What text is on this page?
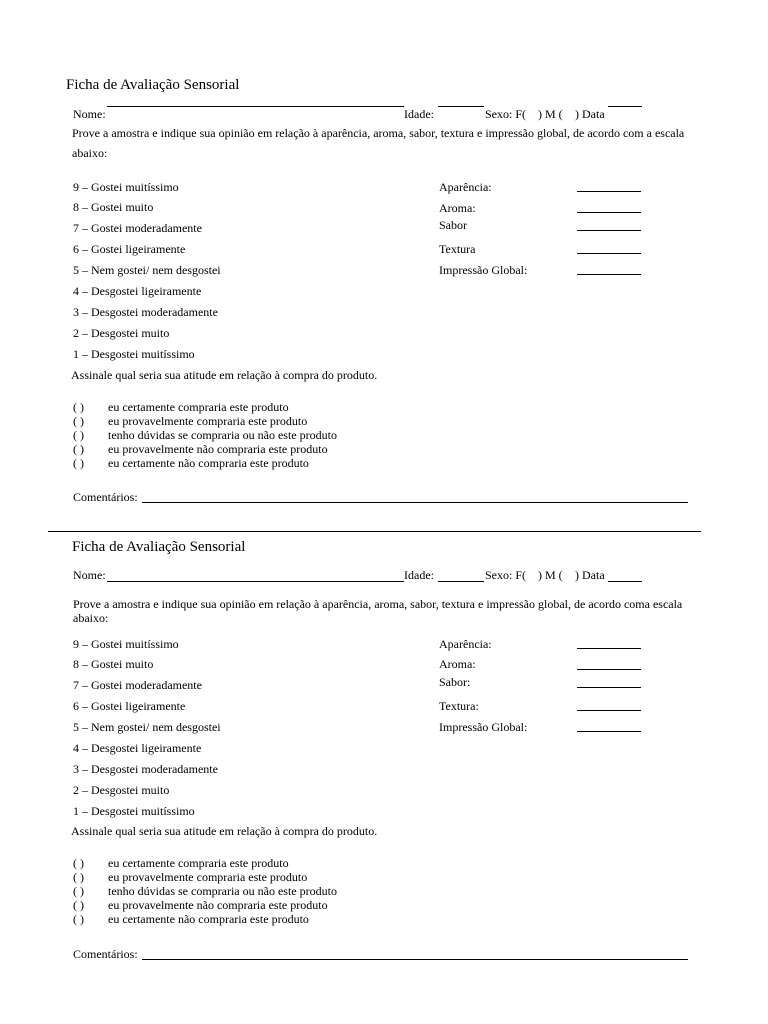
Ficha de Avaliação Sensorial
Nome:	Idade:	Sexo: F( ) M ( ) Data
Prove a amostra e indique sua opinião em relação à aparência, aroma, sabor, textura e impressão global, de acordo com a escala abaixo:
9 – Gostei muitíssimo
8 – Gostei muito
7 – Gostei moderadamente
6 – Gostei ligeiramente
5 – Nem gostei/ nem desgostei
4 – Desgostei ligeiramente
3 – Desgostei moderadamente
2 – Desgostei muito
1 – Desgostei muitíssimo
Aparência:
Aroma:
Sabor
Textura
Impressão Global:
Assinale qual seria sua atitude em relação à compra do produto.
( ) eu certamente compraria este produto
( ) eu provavelmente compraria este produto
( ) tenho dúvidas se compraria ou não este produto
( ) eu provavelmente não compraria este produto
( ) eu certamente não compraria este produto
Comentários:
Ficha de Avaliação Sensorial
Nome:	Idade:	Sexo: F( ) M ( ) Data
Prove a amostra e indique sua opinião em relação à aparência, aroma, sabor, textura e impressão global, de acordo coma escala abaixo:
9 – Gostei muitíssimo
8 – Gostei muito
7 – Gostei moderadamente
6 – Gostei ligeiramente
5 – Nem gostei/ nem desgostei
4 – Desgostei ligeiramente
3 – Desgostei moderadamente
2 – Desgostei muito
1 – Desgostei muitíssimo
Aparência:
Aroma:
Sabor:
Textura:
Impressão Global:
Assinale qual seria sua atitude em relação à compra do produto.
( ) eu certamente compraria este produto
( ) eu provavelmente compraria este produto
( ) tenho dúvidas se compraria ou não este produto
( ) eu provavelmente não compraria este produto
( ) eu certamente não compraria este produto
Comentários:
